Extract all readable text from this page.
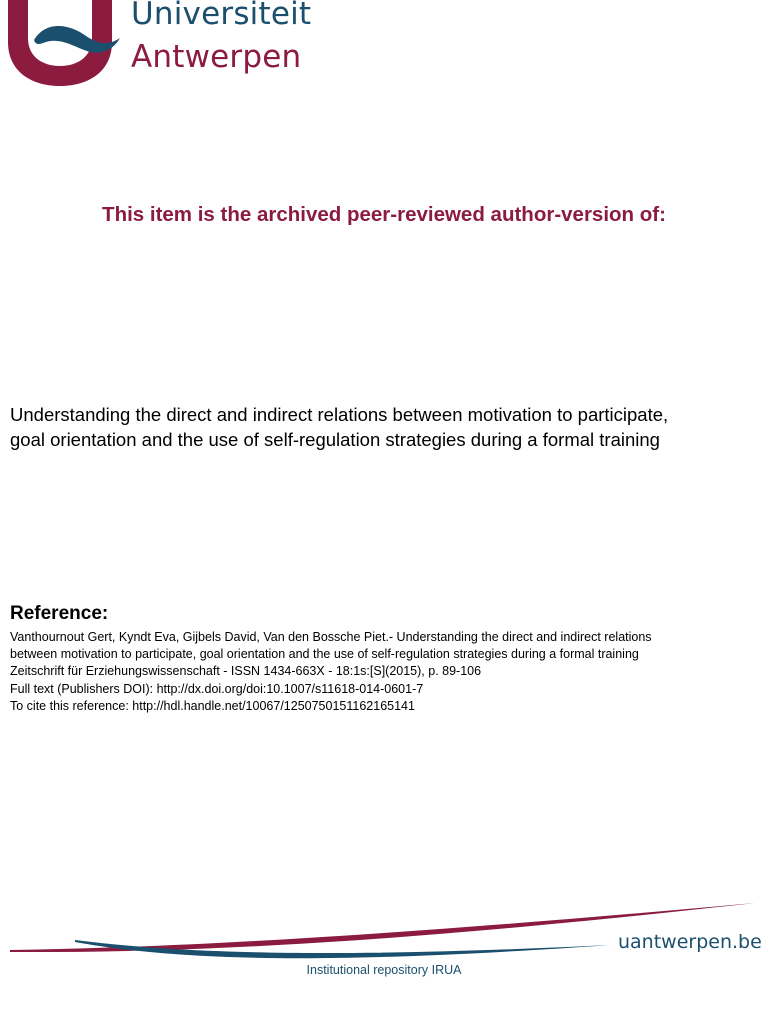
Universiteit
Antwerpen
This item is the archived peer-reviewed author-version of:
Understanding the direct and indirect relations between motivation to participate,
goal orientation and the use of self-regulation strategies during a formal training
Reference:
Vanthournout Gert, Kyndt Eva, Gijbels David, Van den Bossche Piet.- Understanding the direct and indirect relations
between motivation to participate, goal orientation and the use of self-regulation strategies during a formal training
Zeitschrift für Erziehungswissenschaft - ISSN 1434-663X - 18:1s:[S](2015), p. 89-106
Full text (Publishers DOI): http://dx.doi.org/doi:10.1007/s11618-014-0601-7
To cite this reference: http://hdl.handle.net/10067/1250750151162165141
uantwerpen.be
Institutional repository IRUA
